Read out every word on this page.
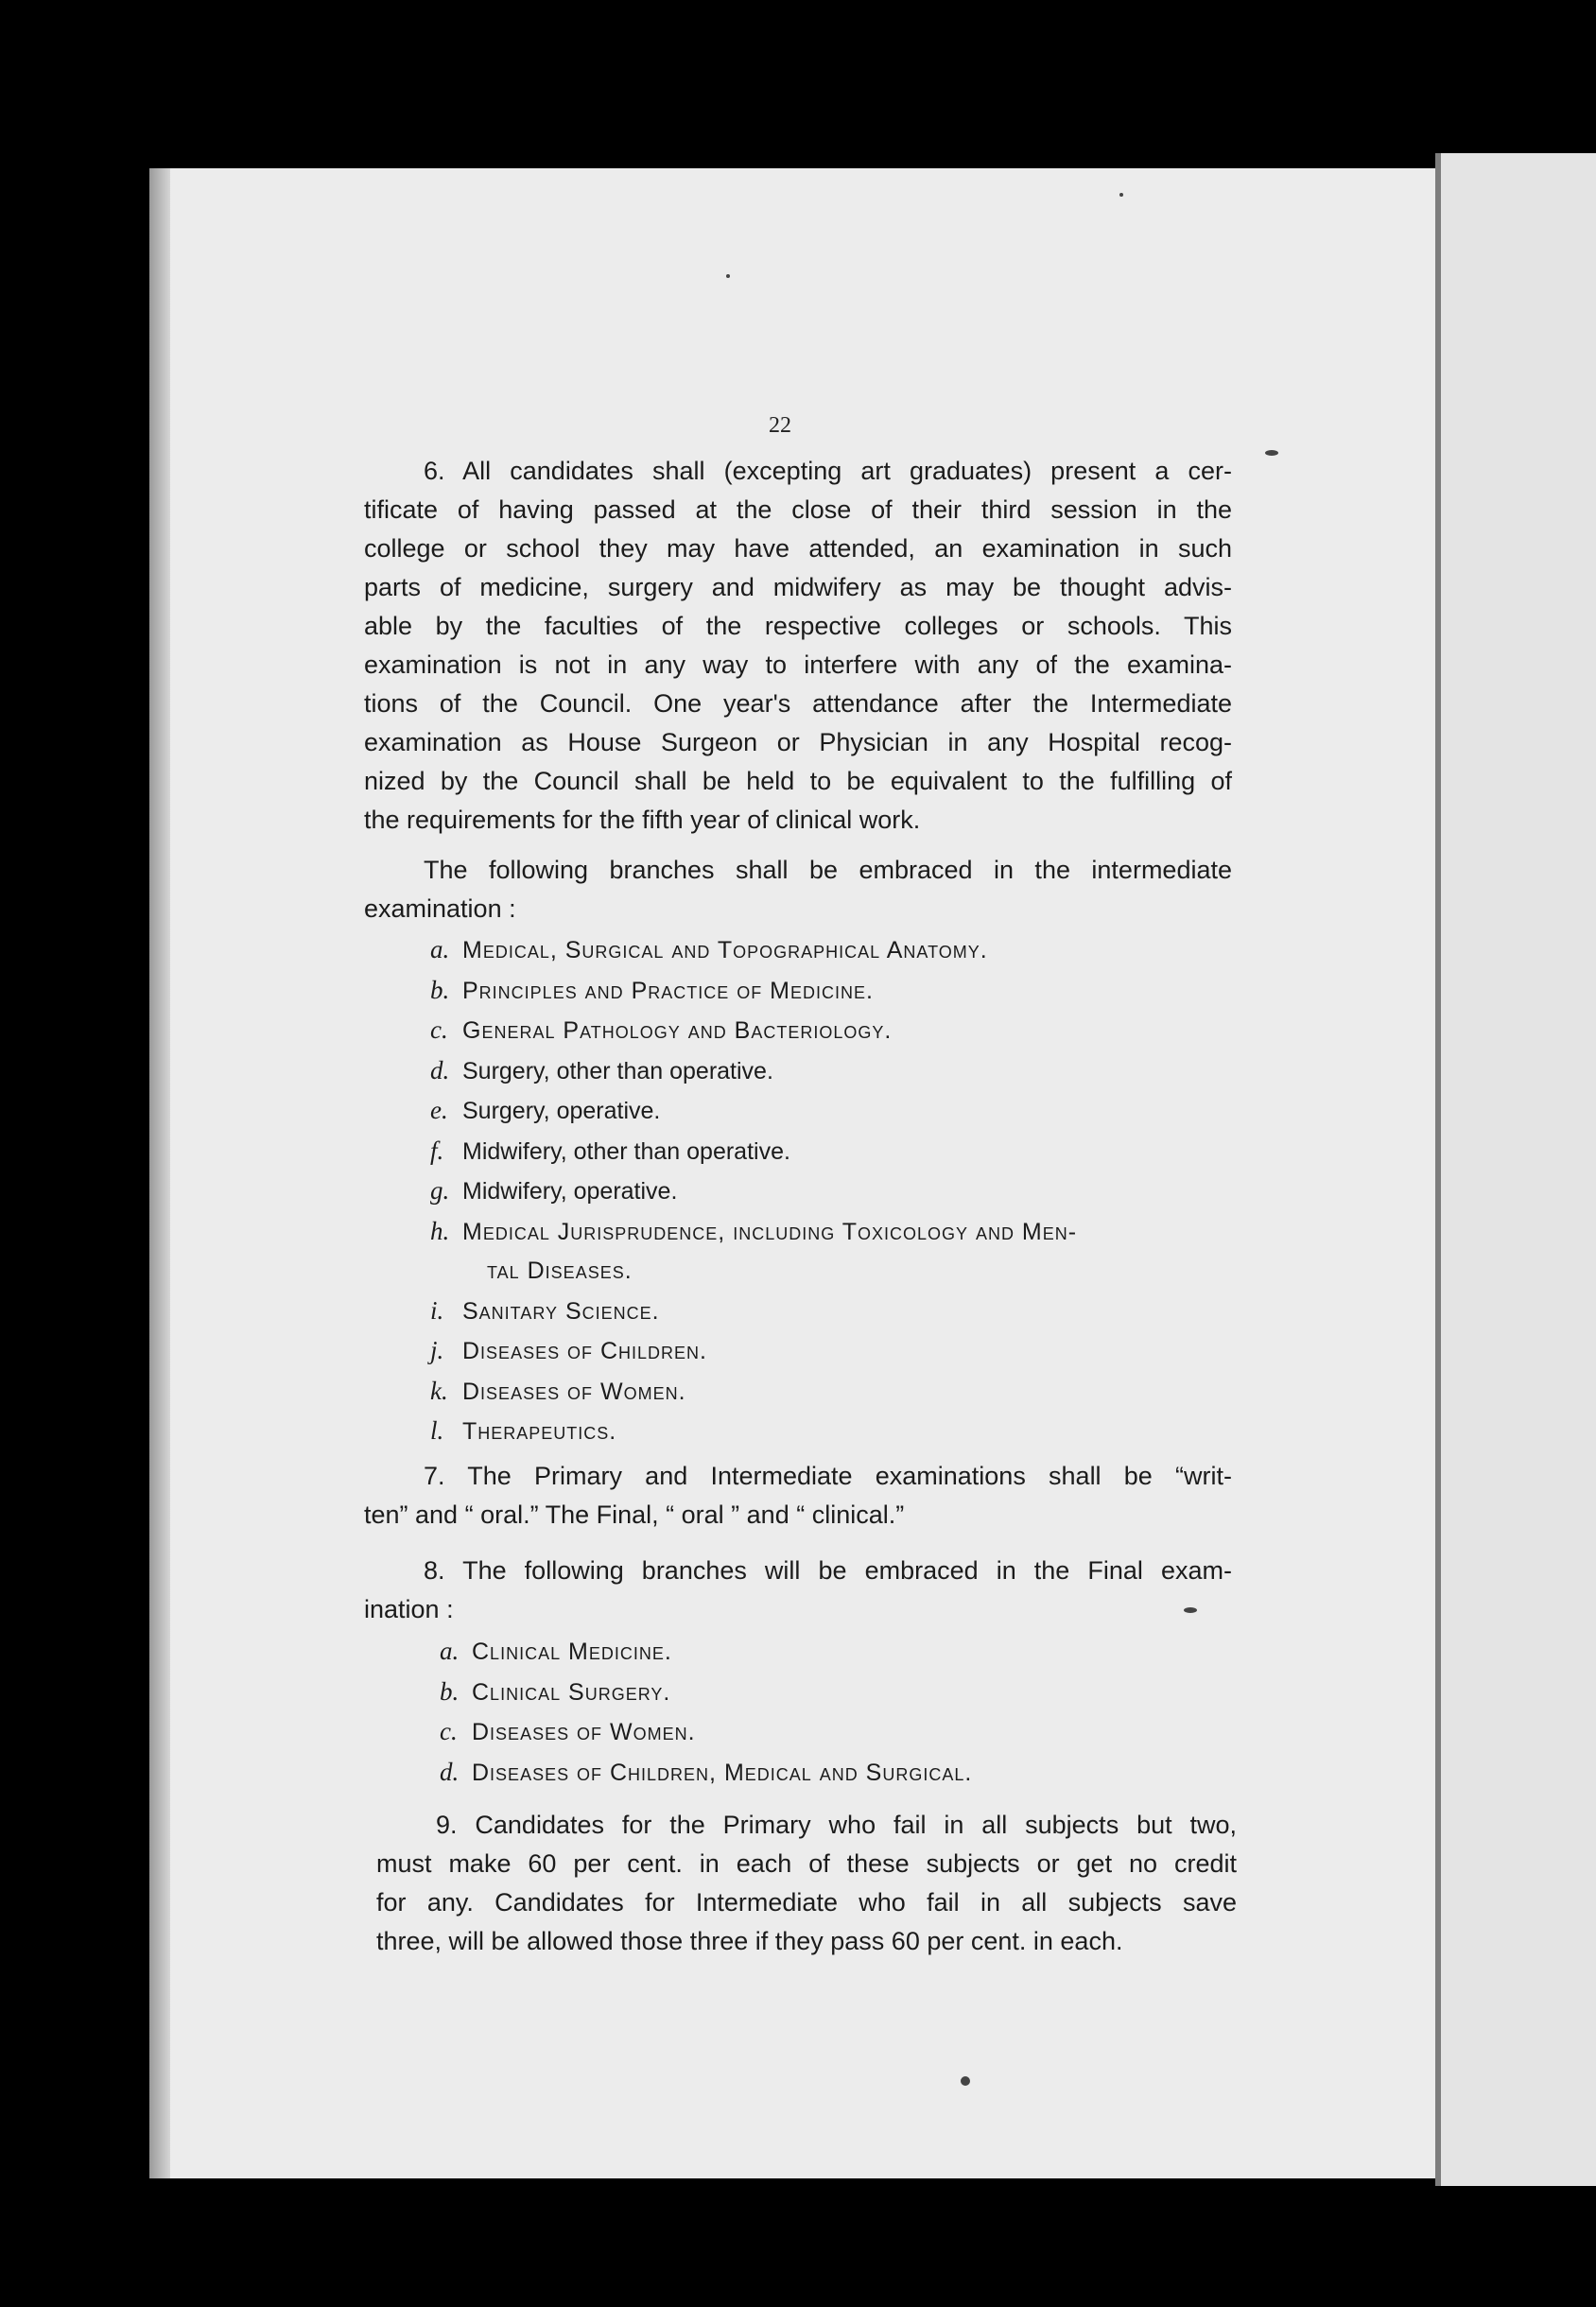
22
6. All candidates shall (excepting art graduates) present a cer-
tificate of having passed at the close of their third session in the
college or school they may have attended, an examination in such
parts of medicine, surgery and midwifery as may be thought advis-
able by the faculties of the respective colleges or schools. This
examination is not in any way to interfere with any of the examina-
tions of the Council. One year's attendance after the Intermediate
examination as House Surgeon or Physician in any Hospital recog-
nized by the Council shall be held to be equivalent to the fulfilling of
the requirements for the fifth year of clinical work.
The following branches shall be embraced in the intermediate
examination :
a. Medical, Surgical and Topographical Anatomy.
b. Principles and Practice of Medicine.
c. General Pathology and Bacteriology.
d. Surgery, other than operative.
e. Surgery, operative.
f. Midwifery, other than operative.
g. Midwifery, operative.
h. Medical Jurisprudence, including Toxicology and Men-
tal Diseases.
i. Sanitary Science.
j. Diseases of Children.
k. Diseases of Women.
l. Therapeutics.
7. The Primary and Intermediate examinations shall be “writ-
ten” and “ oral.” The Final, “ oral ” and “ clinical.”
8. The following branches will be embraced in the Final exam-
ination :
a. Clinical Medicine.
b. Clinical Surgery.
c. Diseases of Women.
d. Diseases of Children, Medical and Surgical.
9. Candidates for the Primary who fail in all subjects but two,
must make 60 per cent. in each of these subjects or get no credit
for any. Candidates for Intermediate who fail in all subjects save
three, will be allowed those three if they pass 60 per cent. in each.
